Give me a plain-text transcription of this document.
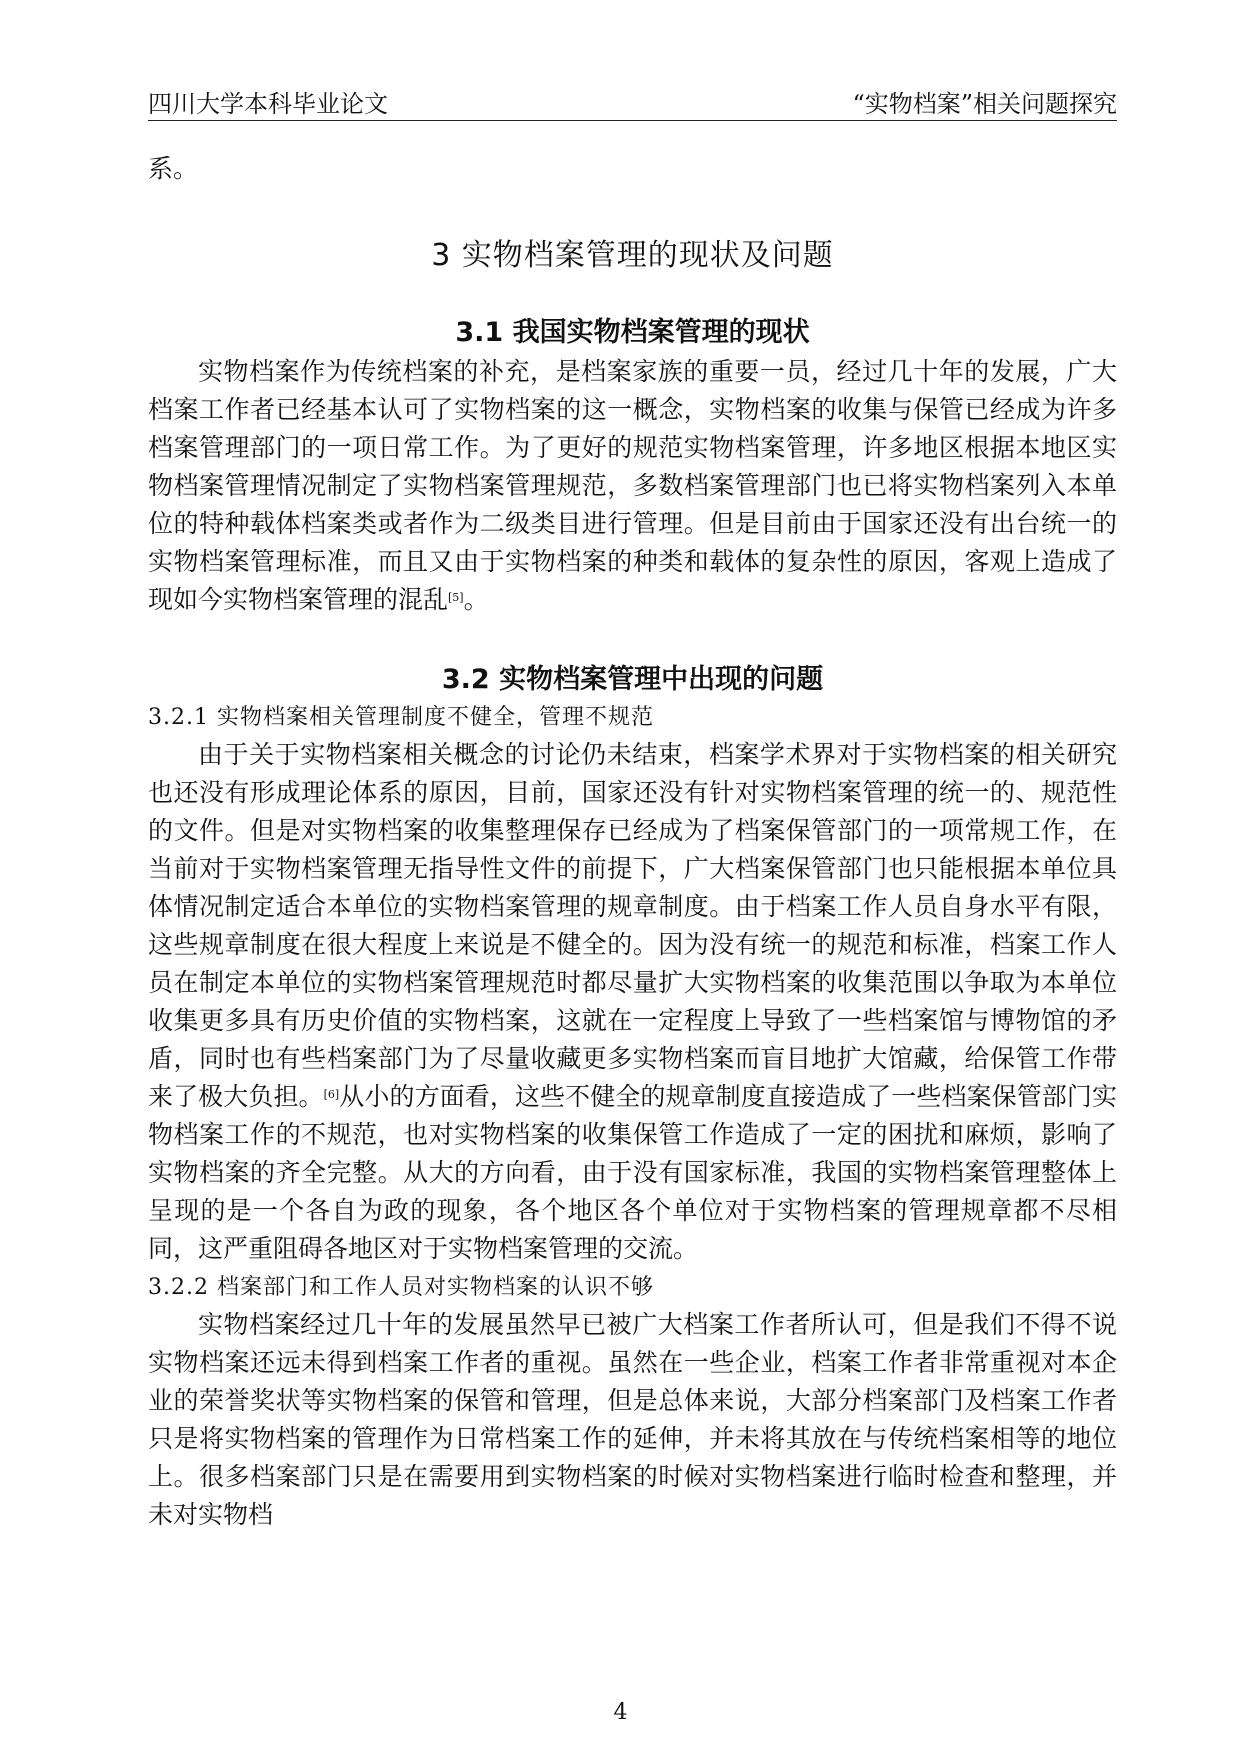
四川大学本科毕业论文	“实物档案”相关问题探究

系。

3 实物档案管理的现状及问题
3.1 我国实物档案管理的现状

实物档案作为传统档案的补充，是档案家族的重要一员，经过几十年的发展，广大档案工作者已经基本认可了实物档案的这一概念，实物档案的收集与保管已经成为许多档案管理部门的一项日常工作。为了更好的规范实物档案管理，许多地区根据本地区实物档案管理情况制定了实物档案管理规范，多数档案管理部门也已将实物档案列入本单位的特种载体档案类或者作为二级类目进行管理。但是目前由于国家还没有出台统一的实物档案管理标准，而且又由于实物档案的种类和载体的复杂性的原因，客观上造成了现如今实物档案管理的混乱[5]。

3.2 实物档案管理中出现的问题
3.2.1 实物档案相关管理制度不健全，管理不规范

由于关于实物档案相关概念的讨论仍未结束，档案学术界对于实物档案的相关研究也还没有形成理论体系的原因，目前，国家还没有针对实物档案管理的统一的、规范性的文件。但是对实物档案的收集整理保存已经成为了档案保管部门的一项常规工作，在当前对于实物档案管理无指导性文件的前提下，广大档案保管部门也只能根据本单位具体情况制定适合本单位的实物档案管理的规章制度。由于档案工作人员自身水平有限，这些规章制度在很大程度上来说是不健全的。因为没有统一的规范和标准，档案工作人员在制定本单位的实物档案管理规范时都尽量扩大实物档案的收集范围以争取为本单位收集更多具有历史价值的实物档案，这就在一定程度上导致了一些档案馆与博物馆的矛盾，同时也有些档案部门为了尽量收藏更多实物档案而盲目地扩大馆藏，给保管工作带来了极大负担。[6]从小的方面看，这些不健全的规章制度直接造成了一些档案保管部门实物档案工作的不规范，也对实物档案的收集保管工作造成了一定的困扰和麻烦，影响了实物档案的齐全完整。从大的方向看，由于没有国家标准，我国的实物档案管理整体上呈现的是一个各自为政的现象，各个地区各个单位对于实物档案的管理规章都不尽相同，这严重阻碍各地区对于实物档案管理的交流。

3.2.2 档案部门和工作人员对实物档案的认识不够

实物档案经过几十年的发展虽然早已被广大档案工作者所认可，但是我们不得不说实物档案还远未得到档案工作者的重视。虽然在一些企业，档案工作者非常重视对本企业的荣誉奖状等实物档案的保管和管理，但是总体来说，大部分档案部门及档案工作者只是将实物档案的管理作为日常档案工作的延伸，并未将其放在与传统档案相等的地位上。很多档案部门只是在需要用到实物档案的时候对实物档案进行临时检查和整理，并未对实物档

4
